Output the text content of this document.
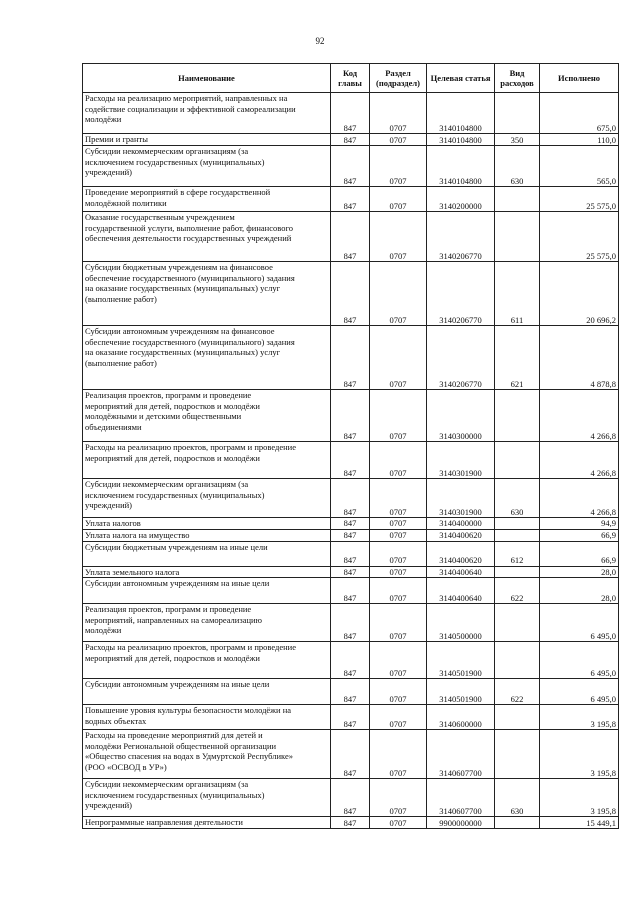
92
Наименование	Код главы	Раздел (подраздел)	Целевая статья	Вид расходов	Исполнено
Расходы на реализацию мероприятий, направленных на
содействие социализации и эффективной самореализации
молодёжи	847	0707	3140104800		675,0
Премии и гранты	847	0707	3140104800	350	110,0
Субсидии некоммерческим организациям (за
исключением государственных (муниципальных)
учреждений)	847	0707	3140104800	630	565,0
Проведение мероприятий в сфере государственной
молодёжной политики	847	0707	3140200000		25 575,0
Оказание государственным учреждением
государственной услуги, выполнение работ, финансового
обеспечения деятельности государственных учреждений	847	0707	3140206770		25 575,0
Субсидии бюджетным учреждениям на финансовое
обеспечение государственного (муниципального) задания
на оказание государственных (муниципальных) услуг
(выполнение работ)	847	0707	3140206770	611	20 696,2
Субсидии автономным учреждениям на финансовое
обеспечение государственного (муниципального) задания
на оказание государственных (муниципальных) услуг
(выполнение работ)	847	0707	3140206770	621	4 878,8
Реализация проектов, программ и проведение
мероприятий для детей, подростков и молодёжи
молодёжными и детскими общественными
объединениями	847	0707	3140300000		4 266,8
Расходы на реализацию проектов, программ и проведение
мероприятий для детей, подростков и молодёжи	847	0707	3140301900		4 266,8
Субсидии некоммерческим организациям (за
исключением государственных (муниципальных)
учреждений)	847	0707	3140301900	630	4 266,8
Уплата налогов	847	0707	3140400000		94,9
Уплата налога на имущество	847	0707	3140400620		66,9
Субсидии бюджетным учреждениям на иные цели	847	0707	3140400620	612	66,9
Уплата земельного налога	847	0707	3140400640		28,0
Субсидии автономным учреждениям на иные цели	847	0707	3140400640	622	28,0
Реализация проектов, программ и проведение
мероприятий, направленных на самореализацию
молодёжи	847	0707	3140500000		6 495,0
Расходы на реализацию проектов, программ и проведение
мероприятий для детей, подростков и молодёжи	847	0707	3140501900		6 495,0
Субсидии автономным учреждениям на иные цели	847	0707	3140501900	622	6 495,0
Повышение уровня культуры безопасности молодёжи на
водных объектах	847	0707	3140600000		3 195,8
Расходы на проведение мероприятий для детей и
молодёжи Региональной общественной организации
«Общество спасения на водах в Удмуртской Республике»
(РОО «ОСВОД в УР»)	847	0707	3140607700		3 195,8
Субсидии некоммерческим организациям (за
исключением государственных (муниципальных)
учреждений)	847	0707	3140607700	630	3 195,8
Непрограммные направления деятельности	847	0707	9900000000		15 449,1
